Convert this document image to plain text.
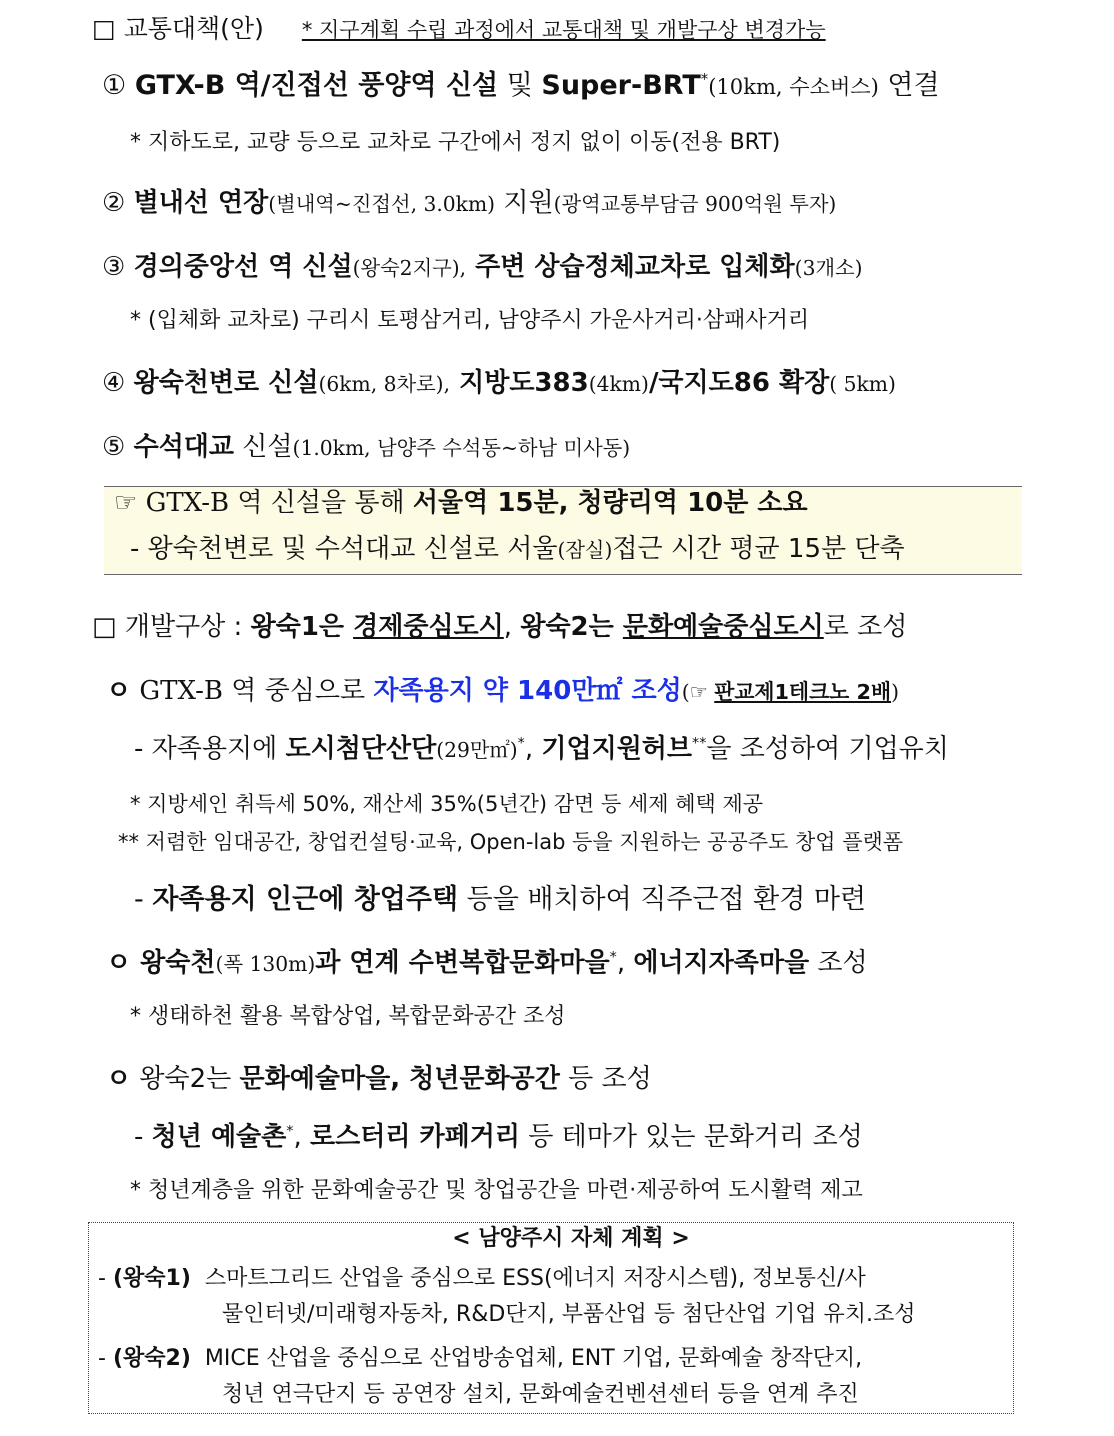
□ 교통대책(안) * 지구계획 수립 과정에서 교통대책 및 개발구상 변경가능
① GTX-B 역/진접선 풍양역 신설 및 Super-BRT*(10km, 수소버스) 연결
* 지하도로, 교량 등으로 교차로 구간에서 정지 없이 이동(전용 BRT)
② 별내선 연장(별내역~진접선, 3.0km) 지원(광역교통부담금 900억원 투자)
③ 경의중앙선 역 신설(왕숙2지구), 주변 상습정체교차로 입체화(3개소)
* (입체화 교차로) 구리시 토평삼거리, 남양주시 가운사거리·삼패사거리
④ 왕숙천변로 신설(6km, 8차로), 지방도383(4km)/국지도86 확장( 5km)
⑤ 수석대교 신설(1.0km, 남양주 수석동~하남 미사동)
☞ GTX-B 역 신설을 통해 서울역 15분, 청량리역 10분 소요
- 왕숙천변로 및 수석대교 신설로 서울(잠실)접근 시간 평균 15분 단축
□ 개발구상 : 왕숙1은 경제중심도시, 왕숙2는 문화예술중심도시로 조성
ㅇ GTX-B 역 중심으로 자족용지 약 140만㎡ 조성(☞ 판교제1테크노 2배)
- 자족용지에 도시첨단산단(29만㎡)*, 기업지원허브**을 조성하여 기업유치
* 지방세인 취득세 50%, 재산세 35%(5년간) 감면 등 세제 혜택 제공
** 저렴한 임대공간, 창업컨설팅·교육, Open-lab 등을 지원하는 공공주도 창업 플랫폼
- 자족용지 인근에 창업주택 등을 배치하여 직주근접 환경 마련
ㅇ 왕숙천(폭 130m)과 연계 수변복합문화마을*, 에너지자족마을 조성
* 생태하천 활용 복합상업, 복합문화공간 조성
ㅇ 왕숙2는 문화예술마을, 청년문화공간 등 조성
- 청년 예술촌*, 로스터리 카페거리 등 테마가 있는 문화거리 조성
* 청년계층을 위한 문화예술공간 및 창업공간을 마련·제공하여 도시활력 제고
< 남양주시 자체 계획 >
- (왕숙1) 스마트그리드 산업을 중심으로 ESS(에너지 저장시스템), 정보통신/사
물인터넷/미래형자동차, R&D단지, 부품산업 등 첨단산업 기업 유치.조성
- (왕숙2) MICE 산업을 중심으로 산업방송업체, ENT 기업, 문화예술 창작단지,
청년 연극단지 등 공연장 설치, 문화예술컨벤션센터 등을 연계 추진
